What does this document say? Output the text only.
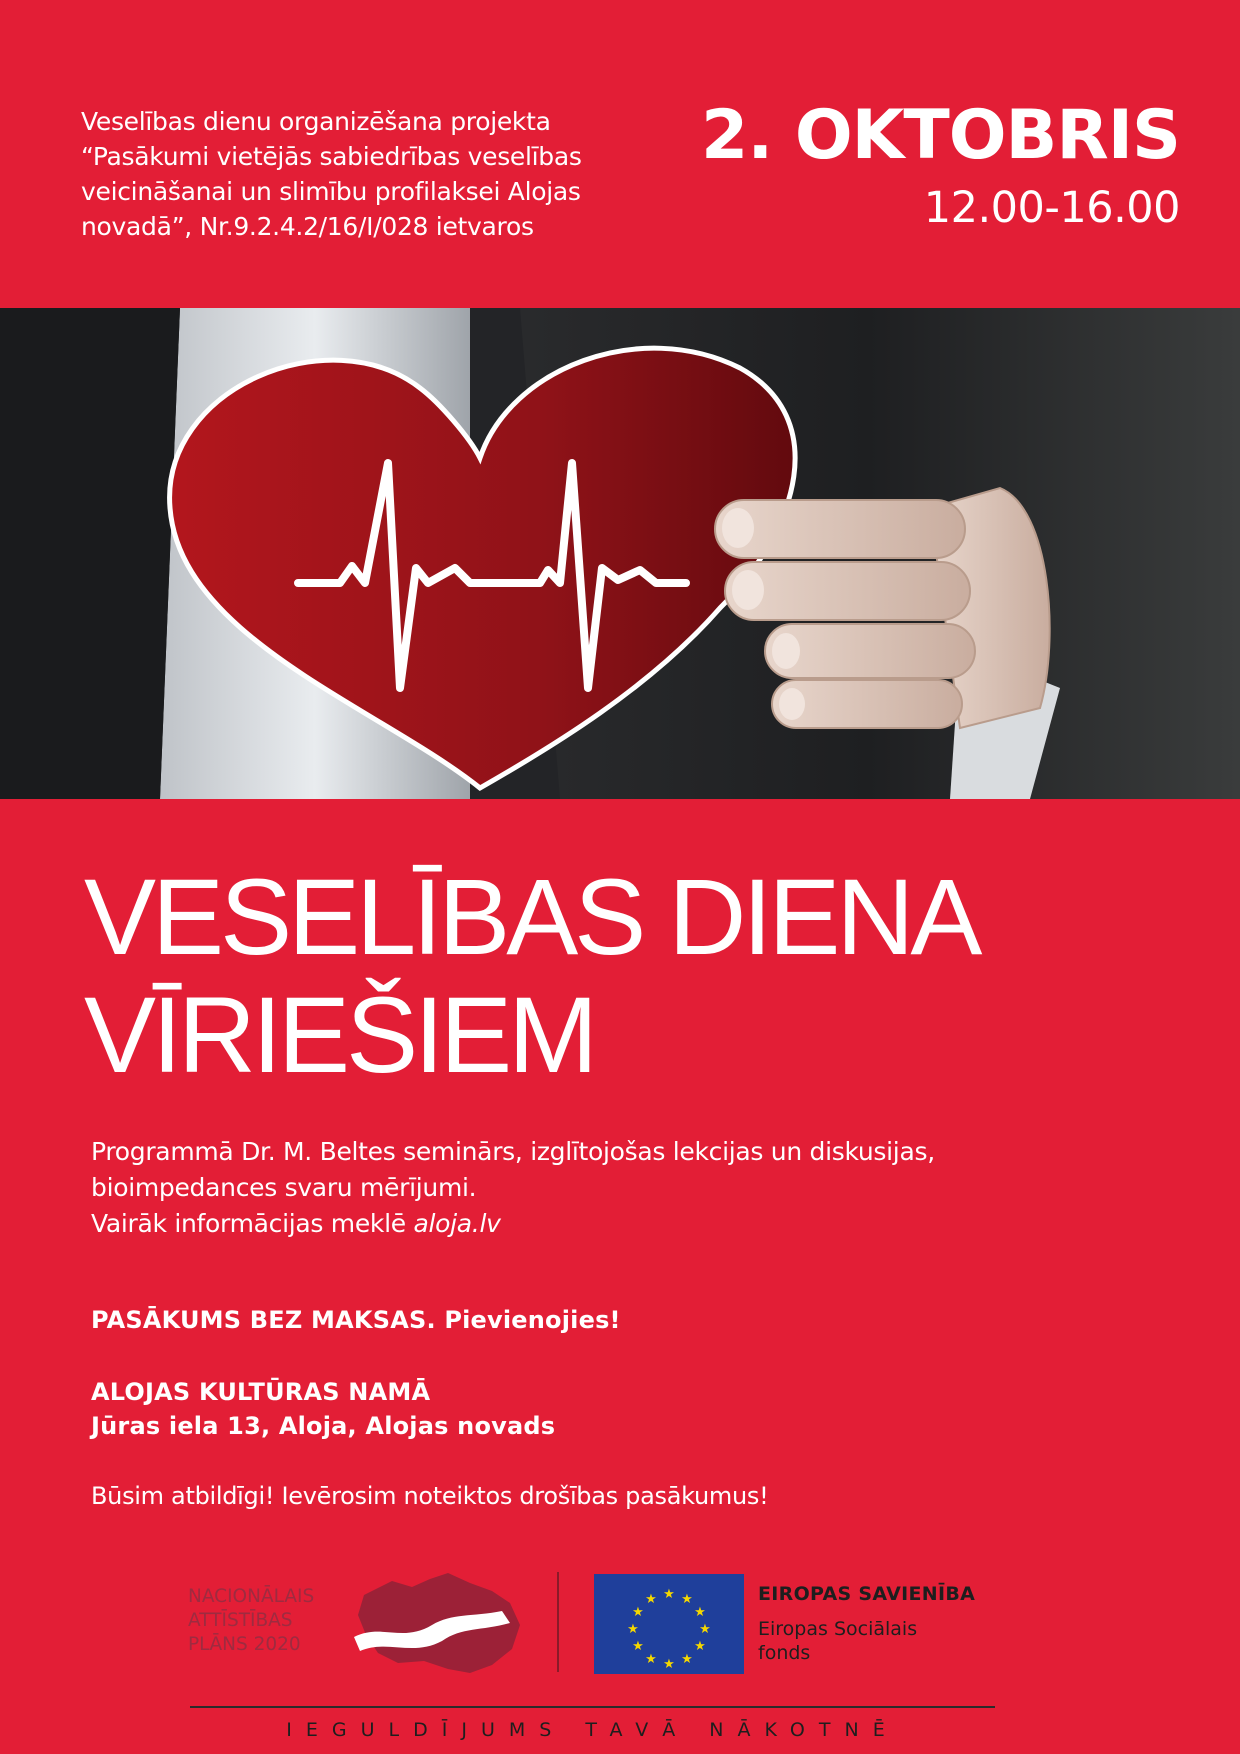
Veselības dienu organizēšana projekta
“Pasākumi vietējās sabiedrības veselības
veicināšanai un slimību profilaksei Alojas
novadā”, Nr.9.2.4.2/16/I/028 ietvaros
2. OKTOBRIS
12.00-16.00
VESELĪBAS DIENA
VĪRIEŠIEM
Programmā Dr. M. Beltes seminārs, izglītojošas lekcijas un diskusijas,
bioimpedances svaru mērījumi.
Vairāk informācijas meklē aloja.lv
PASĀKUMS BEZ MAKSAS. Pievienojies!
ALOJAS KULTŪRAS NAMĀ
Jūras iela 13, Aloja, Alojas novads
Būsim atbildīgi! Ievērosim noteiktos drošības pasākumus!
NACIONĀLAIS
ATTĪSTĪBAS
PLĀNS 2020
★ ★
★
★
★
★
★
★
★
★
★
★	EIROPAS SAVIENĪBA
Eiropas Sociālais
fonds
IEGULDĪJUMS TAVĀ NĀKOTNĒ
